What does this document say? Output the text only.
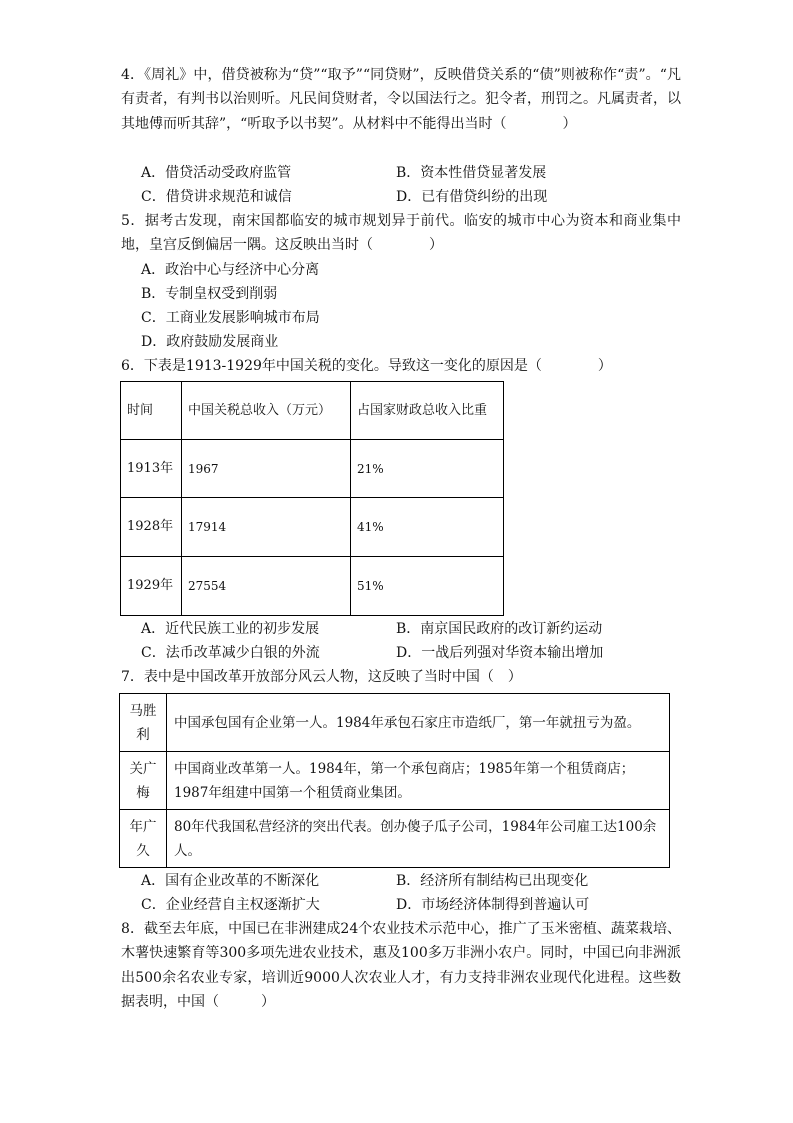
4．《周礼》中，借贷被称为“贷”“取予”“同贷财”，反映借贷关系的“债”则被称作“责”。“凡有责者，有判书以治则听。凡民间贷财者，令以国法行之。犯令者，刑罚之。凡属责者，以其地傅而听其辞”，“听取予以书契”。从材料中不能得出当时（　　　　）
A．借贷活动受政府监管	B．资本性借贷显著发展
C．借贷讲求规范和诚信	D．已有借贷纠纷的出现
5．据考古发现，南宋国都临安的城市规划异于前代。临安的城市中心为资本和商业集中地，皇宫反倒偏居一隅。这反映出当时（　　　　）
A．政治中心与经济中心分离
B．专制皇权受到削弱
C．工商业发展影响城市布局
D．政府鼓励发展商业
6．下表是1913-1929年中国关税的变化。导致这一变化的原因是（　　　　）
时间	中国关税总收入（万元）	占国家财政总收入比重
1913年	1967	21%
1928年	17914	41%
1929年	27554	51%
A．近代民族工业的初步发展	B．南京国民政府的改订新约运动
C．法币改革减少白银的外流	D．一战后列强对华资本输出增加
7．表中是中国改革开放部分风云人物，这反映了当时中国（　）
马胜利	中国承包国有企业第一人。1984年承包石家庄市造纸厂，第一年就扭亏为盈。
关广梅	中国商业改革第一人。1984年，第一个承包商店；1985年第一个租赁商店；1987年组建中国第一个租赁商业集团。
年广久	80年代我国私营经济的突出代表。创办傻子瓜子公司，1984年公司雇工达100余人。
A．国有企业改革的不断深化	B．经济所有制结构已出现变化
C．企业经营自主权逐渐扩大	D．市场经济体制得到普遍认可
8．截至去年底，中国已在非洲建成24个农业技术示范中心，推广了玉米密植、蔬菜栽培、木薯快速繁育等300多项先进农业技术，惠及100多万非洲小农户。同时，中国已向非洲派出500余名农业专家，培训近9000人次农业人才，有力支持非洲农业现代化进程。这些数据表明，中国（　　　）
